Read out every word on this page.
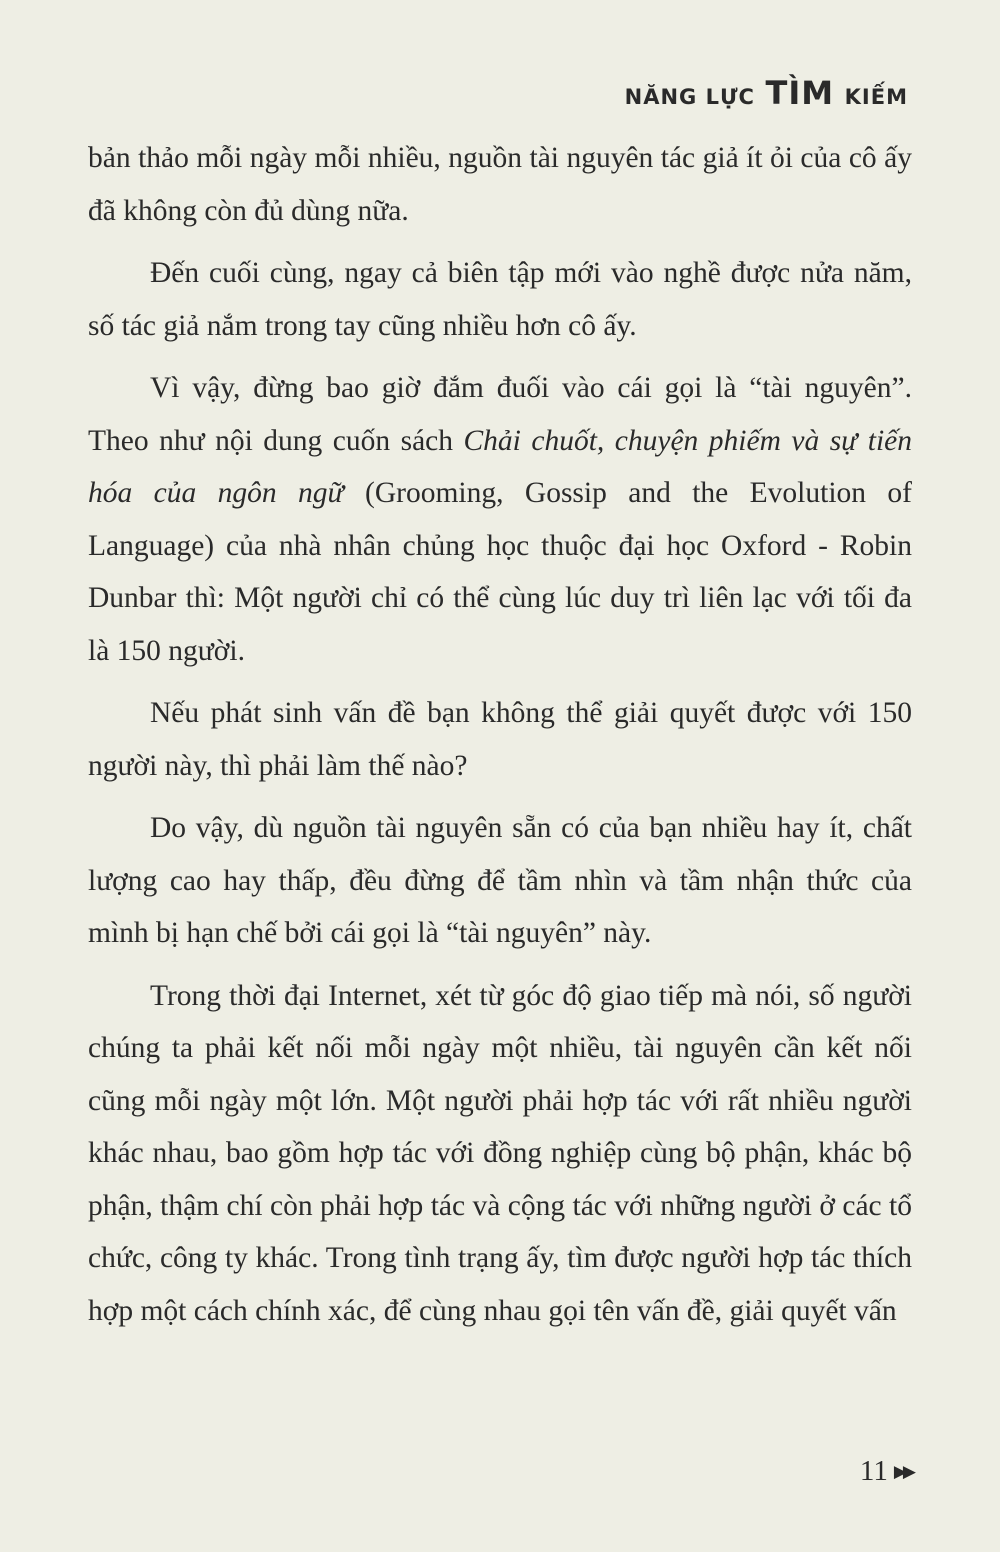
NĂNG LỰC TÌM KIẾM

bản thảo mỗi ngày mỗi nhiều, nguồn tài nguyên tác giả ít ỏi của cô ấy đã không còn đủ dùng nữa.

Đến cuối cùng, ngay cả biên tập mới vào nghề được nửa năm, số tác giả nắm trong tay cũng nhiều hơn cô ấy.

Vì vậy, đừng bao giờ đắm đuối vào cái gọi là “tài nguyên”. Theo như nội dung cuốn sách Chải chuốt, chuyện phiếm và sự tiến hóa của ngôn ngữ (Grooming, Gossip and the Evolution of Language) của nhà nhân chủng học thuộc đại học Oxford - Robin Dunbar thì: Một người chỉ có thể cùng lúc duy trì liên lạc với tối đa là 150 người.

Nếu phát sinh vấn đề bạn không thể giải quyết được với 150 người này, thì phải làm thế nào?

Do vậy, dù nguồn tài nguyên sẵn có của bạn nhiều hay ít, chất lượng cao hay thấp, đều đừng để tầm nhìn và tầm nhận thức của mình bị hạn chế bởi cái gọi là “tài nguyên” này.

Trong thời đại Internet, xét từ góc độ giao tiếp mà nói, số người chúng ta phải kết nối mỗi ngày một nhiều, tài nguyên cần kết nối cũng mỗi ngày một lớn. Một người phải hợp tác với rất nhiều người khác nhau, bao gồm hợp tác với đồng nghiệp cùng bộ phận, khác bộ phận, thậm chí còn phải hợp tác và cộng tác với những người ở các tổ chức, công ty khác. Trong tình trạng ấy, tìm được người hợp tác thích hợp một cách chính xác, để cùng nhau gọi tên vấn đề, giải quyết vấn

11 ▶▶
